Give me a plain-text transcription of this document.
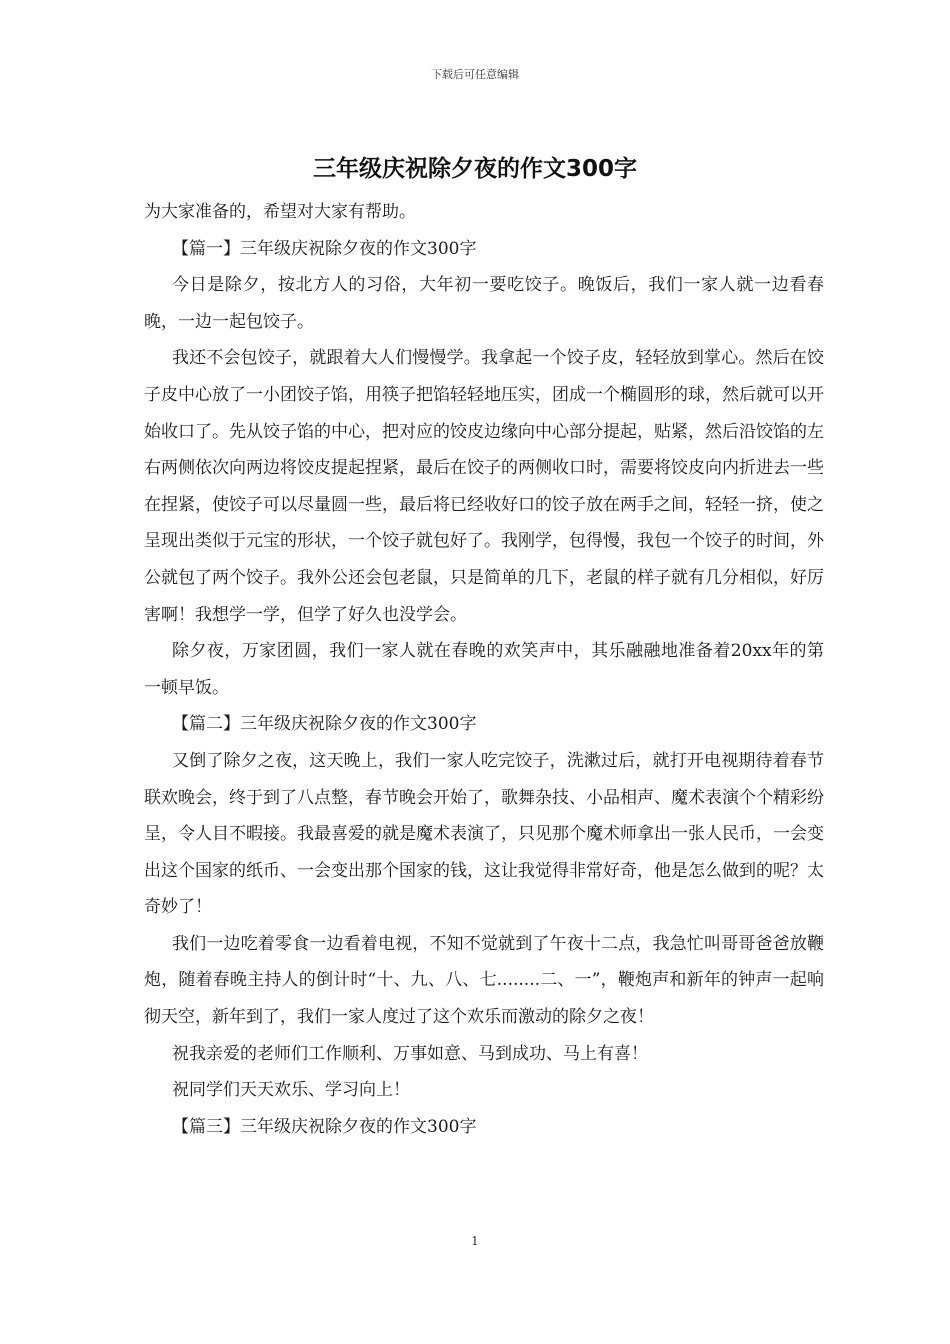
下载后可任意编辑
三年级庆祝除夕夜的作文300字

为大家准备的，希望对大家有帮助。

【篇一】三年级庆祝除夕夜的作文300字

今日是除夕，按北方人的习俗，大年初一要吃饺子。晚饭后，我们一家人就一边看春晚，一边一起包饺子。

我还不会包饺子，就跟着大人们慢慢学。我拿起一个饺子皮，轻轻放到掌心。然后在饺子皮中心放了一小团饺子馅，用筷子把馅轻轻地压实，团成一个椭圆形的球，然后就可以开始收口了。先从饺子馅的中心，把对应的饺皮边缘向中心部分提起，贴紧，然后沿饺馅的左右两侧依次向两边将饺皮提起捏紧，最后在饺子的两侧收口时，需要将饺皮向内折进去一些在捏紧，使饺子可以尽量圆一些，最后将已经收好口的饺子放在两手之间，轻轻一挤，使之呈现出类似于元宝的形状，一个饺子就包好了。我刚学，包得慢，我包一个饺子的时间，外公就包了两个饺子。我外公还会包老鼠，只是简单的几下，老鼠的样子就有几分相似，好厉害啊！我想学一学，但学了好久也没学会。

除夕夜，万家团圆，我们一家人就在春晚的欢笑声中，其乐融融地准备着20xx年的第一顿早饭。

【篇二】三年级庆祝除夕夜的作文300字

又倒了除夕之夜，这天晚上，我们一家人吃完饺子，洗漱过后，就打开电视期待着春节联欢晚会，终于到了八点整，春节晚会开始了，歌舞杂技、小品相声、魔术表演个个精彩纷呈，令人目不暇接。我最喜爱的就是魔术表演了，只见那个魔术师拿出一张人民币，一会变出这个国家的纸币、一会变出那个国家的钱，这让我觉得非常好奇，他是怎么做到的呢？太奇妙了！

我们一边吃着零食一边看着电视，不知不觉就到了午夜十二点，我急忙叫哥哥爸爸放鞭炮，随着春晚主持人的倒计时“十、九、八、七........二、一”，鞭炮声和新年的钟声一起响彻天空，新年到了，我们一家人度过了这个欢乐而激动的除夕之夜！

祝我亲爱的老师们工作顺利、万事如意、马到成功、马上有喜！

祝同学们天天欢乐、学习向上！

【篇三】三年级庆祝除夕夜的作文300字

1
